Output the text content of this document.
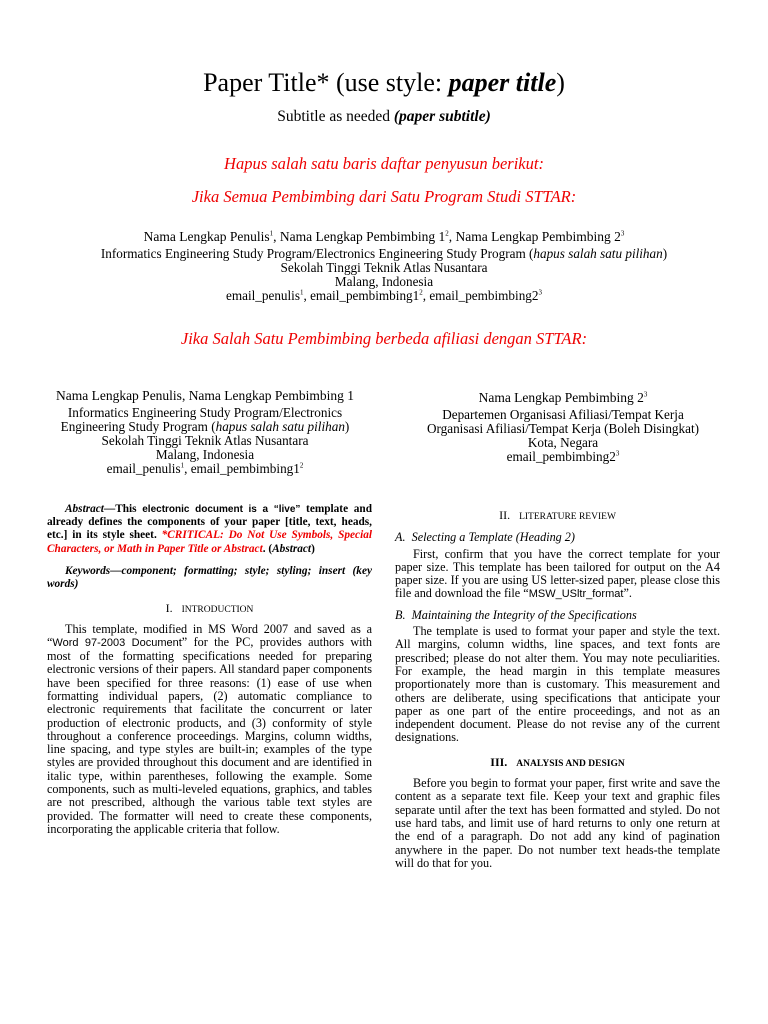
Paper Title* (use style: paper title)
Subtitle as needed (paper subtitle)
Hapus salah satu baris daftar penyusun berikut:
Jika Semua Pembimbing dari Satu Program Studi STTAR:
Nama Lengkap Penulis$^1$, Nama Lengkap Pembimbing $1^2$, Nama Lengkap Pembimbing $2^3$
Informatics Engineering Study Program/Electronics Engineering Study Program (hapus salah satu pilihan)
Sekolah Tinggi Teknik Atlas Nusantara
Malang, Indonesia
email_penulis$^1$, $email\_pembimbing1^2$, $email\_pembimbing2^3$
Jika Salah Satu Pembimbing berbeda afiliasi dengan STTAR:
Nama Lengkap Penulis, Nama Lengkap Pembimbing 1
Informatics Engineering Study Program/Electronics
Engineering Study Program (hapus salah satu pilihan)
Sekolah Tinggi Teknik Atlas Nusantara
Malang, Indonesia
email_penulis$^1$, $email\_pembimbing1^2$
Nama Lengkap Pembimbing $2^3$
Departemen Organisasi Afiliasi/Tempat Kerja
Organisasi Afiliasi/Tempat Kerja (Boleh Disingkat)
Kota, Negara
$email\_pembimbing2^3$

Abstract—This electronic document is a “live” template and already defines the components of your paper [title, text, heads, etc.] in its style sheet. *CRITICAL: Do Not Use Symbols, Special Characters, or Math in Paper Title or Abstract. (Abstract)

Keywords—component; formatting; style; styling; insert (key words)

I. INTRODUCTION

This template, modified in MS Word 2007 and saved as a “Word 97-2003 Document” for the PC, provides authors with most of the formatting specifications needed for preparing electronic versions of their papers. All standard paper components have been specified for three reasons: (1) ease of use when formatting individual papers, (2) automatic compliance to electronic requirements that facilitate the concurrent or later production of electronic products, and (3) conformity of style throughout a conference proceedings. Margins, column widths, line spacing, and type styles are built-in; examples of the type styles are provided throughout this document and are identified in italic type, within parentheses, following the example. Some components, such as multi-leveled equations, graphics, and tables are not prescribed, although the various table text styles are provided. The formatter will need to create these components, incorporating the applicable criteria that follow.

II. LITERATURE REVIEW

A. Selecting a Template (Heading 2)

First, confirm that you have the correct template for your paper size. This template has been tailored for output on the A4 paper size. If you are using US letter-sized paper, please close this file and download the file “MSW_USltr_format”.

B. Maintaining the Integrity of the Specifications

The template is used to format your paper and style the text. All margins, column widths, line spaces, and text fonts are prescribed; please do not alter them. You may note peculiarities. For example, the head margin in this template measures proportionately more than is customary. This measurement and others are deliberate, using specifications that anticipate your paper as one part of the entire proceedings, and not as an independent document. Please do not revise any of the current designations.

III. ANALYSIS AND DESIGN

Before you begin to format your paper, first write and save the content as a separate text file. Keep your text and graphic files separate until after the text has been formatted and styled. Do not use hard tabs, and limit use of hard returns to only one return at the end of a paragraph. Do not add any kind of pagination anywhere in the paper. Do not number text heads-the template will do that for you.
